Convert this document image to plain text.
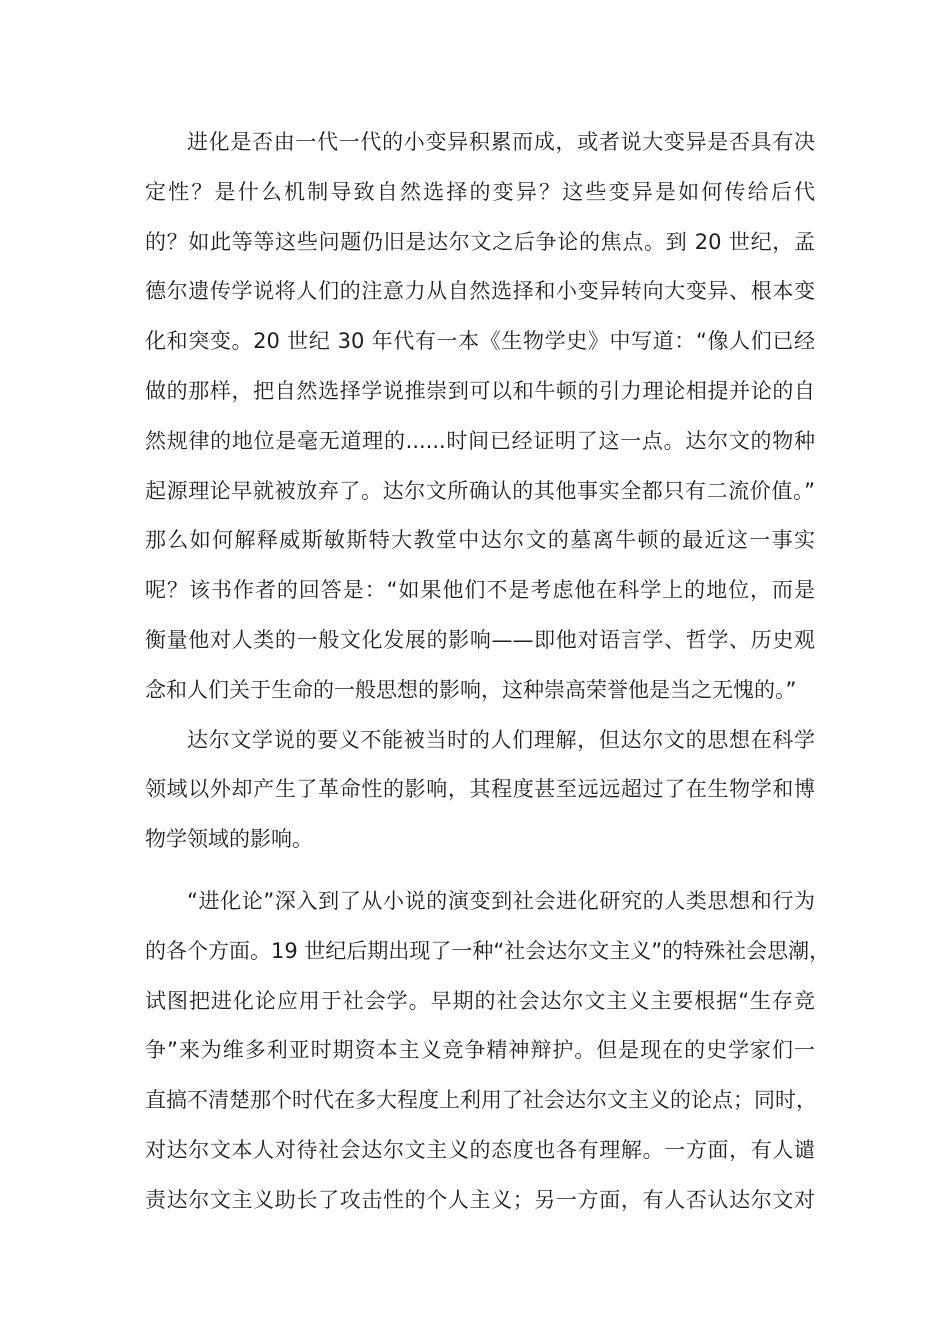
进化是否由一代一代的小变异积累而成，或者说大变异是否具有决
定性？是什么机制导致自然选择的变异？这些变异是如何传给后代
的？如此等等这些问题仍旧是达尔文之后争论的焦点。到 20 世纪，孟
德尔遗传学说将人们的注意力从自然选择和小变异转向大变异、根本变
化和突变。20 世纪 30 年代有一本《生物学史》中写道：“像人们已经
做的那样，把自然选择学说推崇到可以和牛顿的引力理论相提并论的自
然规律的地位是毫无道理的......时间已经证明了这一点。达尔文的物种
起源理论早就被放弃了。达尔文所确认的其他事实全都只有二流价值。”
那么如何解释威斯敏斯特大教堂中达尔文的墓离牛顿的最近这一事实
呢？该书作者的回答是：“如果他们不是考虑他在科学上的地位，而是
衡量他对人类的一般文化发展的影响——即他对语言学、哲学、历史观
念和人们关于生命的一般思想的影响，这种崇高荣誉他是当之无愧的。”
达尔文学说的要义不能被当时的人们理解，但达尔文的思想在科学
领域以外却产生了革命性的影响，其程度甚至远远超过了在生物学和博
物学领域的影响。
“进化论”深入到了从小说的演变到社会进化研究的人类思想和行为
的各个方面。19 世纪后期出现了一种“社会达尔文主义”的特殊社会思潮，
试图把进化论应用于社会学。早期的社会达尔文主义主要根据“生存竞
争”来为维多利亚时期资本主义竞争精神辩护。但是现在的史学家们一
直搞不清楚那个时代在多大程度上利用了社会达尔文主义的论点；同时，
对达尔文本人对待社会达尔文主义的态度也各有理解。一方面，有人谴
责达尔文主义助长了攻击性的个人主义；另一方面，有人否认达尔文对
